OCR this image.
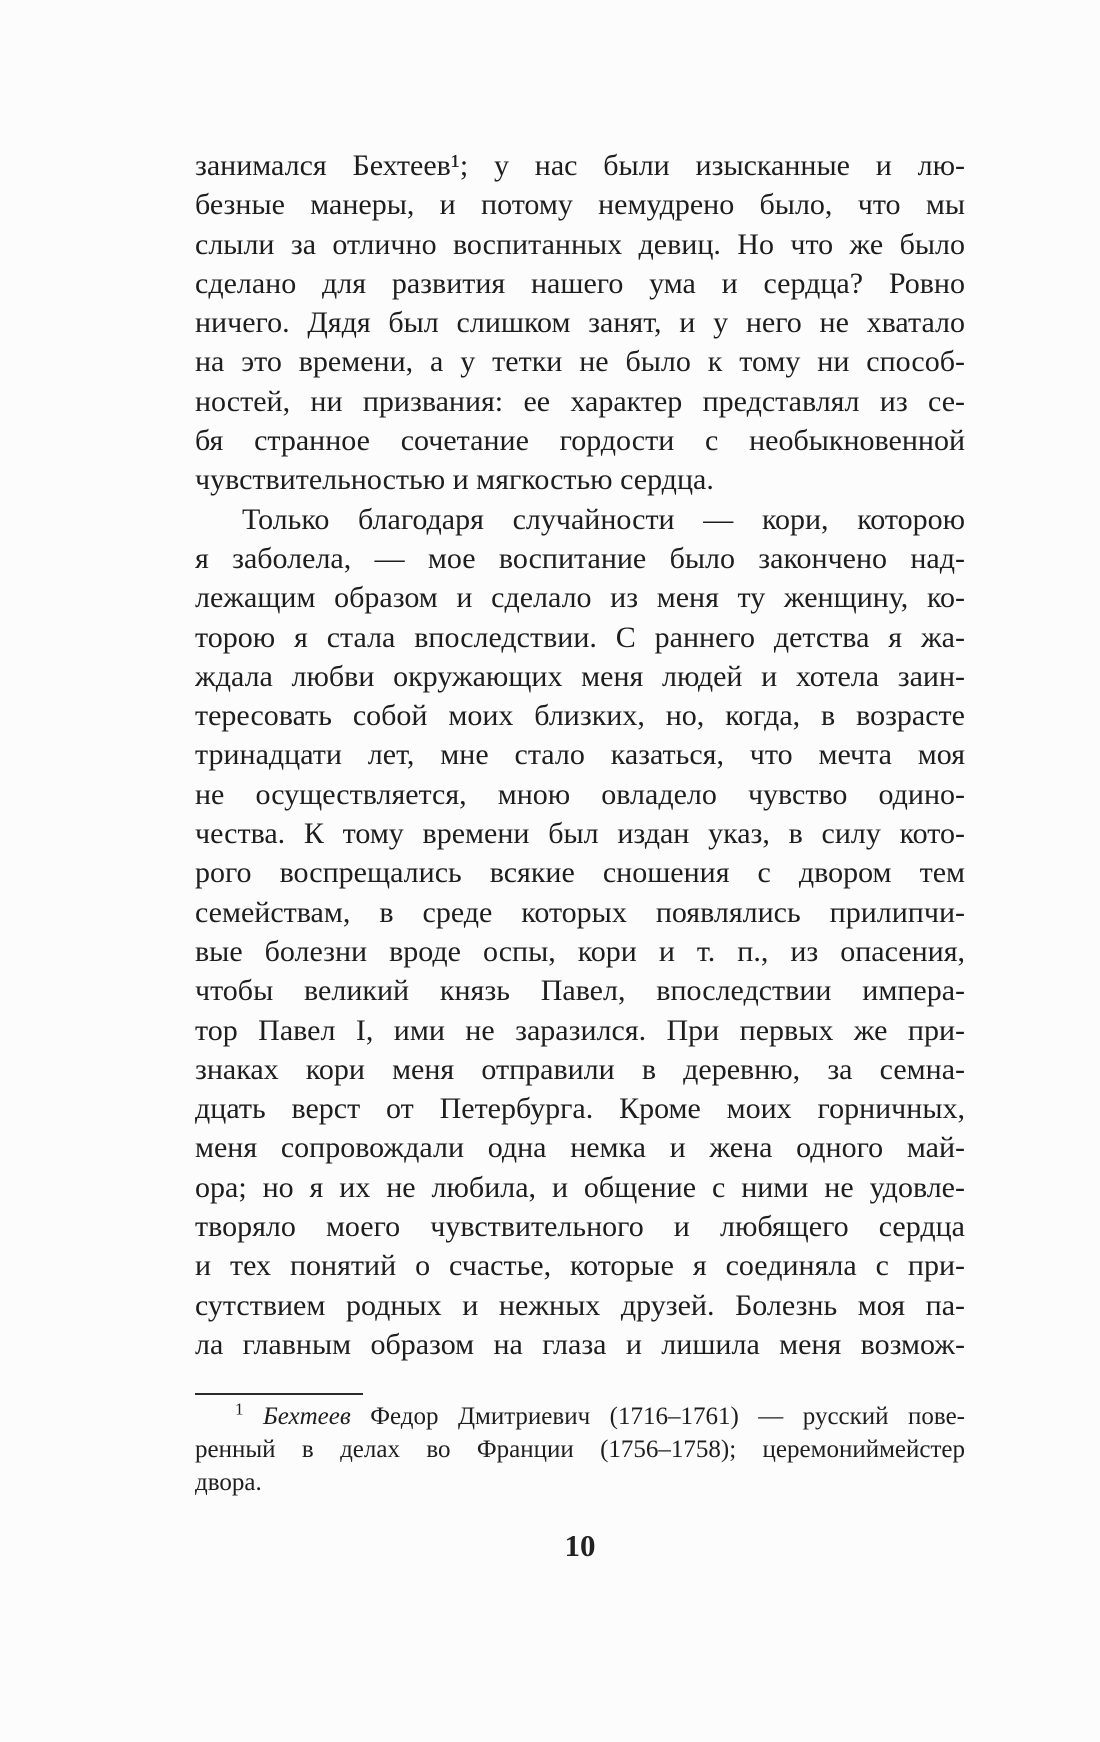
занимался Бехтеев¹; у нас были изысканные и лю-
безные манеры, и потому немудрено было, что мы
слыли за отлично воспитанных девиц. Но что же было
сделано для развития нашего ума и сердца? Ровно
ничего. Дядя был слишком занят, и у него не хватало
на это времени, а у тетки не было к тому ни способ-
ностей, ни призвания: ее характер представлял из се-
бя странное сочетание гордости с необыкновенной
чувствительностью и мягкостью сердца.

Только благодаря случайности — кори, которою
я заболела, — мое воспитание было закончено над-
лежащим образом и сделало из меня ту женщину, ко-
торою я стала впоследствии. С раннего детства я жа-
ждала любви окружающих меня людей и хотела заин-
тересовать собой моих близких, но, когда, в возрасте
тринадцати лет, мне стало казаться, что мечта моя
не осуществляется, мною овладело чувство одино-
чества. К тому времени был издан указ, в силу кото-
рого воспрещались всякие сношения с двором тем
семействам, в среде которых появлялись прилипчи-
вые болезни вроде оспы, кори и т. п., из опасения,
чтобы великий князь Павел, впоследствии импера-
тор Павел I, ими не заразился. При первых же при-
знаках кори меня отправили в деревню, за семна-
дцать верст от Петербурга. Кроме моих горничных,
меня сопровождали одна немка и жена одного май-
ора; но я их не любила, и общение с ними не удовле-
творяло моего чувствительного и любящего сердца
и тех понятий о счастье, которые я соединяла с при-
сутствием родных и нежных друзей. Болезнь моя па-
ла главным образом на глаза и лишила меня возмож-

$^1$ Бехтеев Федор Дмитриевич (1716–1761) — русский пове-
ренный в делах во Франции (1756–1758); церемониймейстер
двора.
10
